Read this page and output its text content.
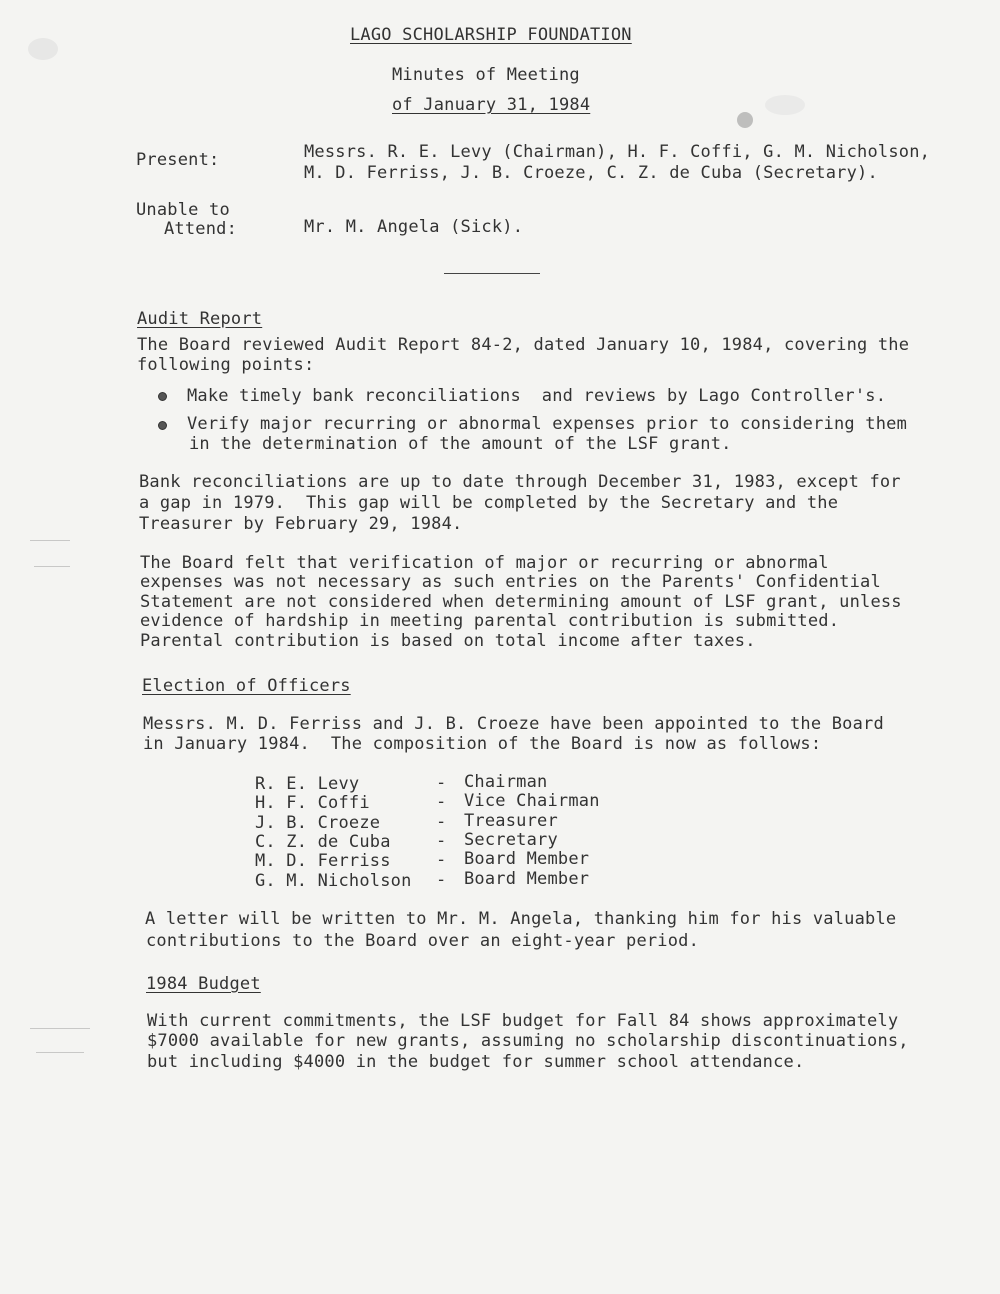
LAGO SCHOLARSHIP FOUNDATION
Minutes of Meeting
of January 31, 1984
Present:	Messrs. R. E. Levy (Chairman), H. F. Coffi, G. M. Nicholson,
M. D. Ferriss, J. B. Croeze, C. Z. de Cuba (Secretary).
Unable to
Attend:	Mr. M. Angela (Sick).
Audit Report
The Board reviewed Audit Report 84-2, dated January 10, 1984, covering the
following points:
Make timely bank reconciliations  and reviews by Lago Controller's.
Verify major recurring or abnormal expenses prior to considering them
in the determination of the amount of the LSF grant.
Bank reconciliations are up to date through December 31, 1983, except for
a gap in 1979.  This gap will be completed by the Secretary and the
Treasurer by February 29, 1984.
The Board felt that verification of major or recurring or abnormal
expenses was not necessary as such entries on the Parents' Confidential
Statement are not considered when determining amount of LSF grant, unless
evidence of hardship in meeting parental contribution is submitted.
Parental contribution is based on total income after taxes.
Election of Officers
Messrs. M. D. Ferriss and J. B. Croeze have been appointed to the Board
in January 1984.  The composition of the Board is now as follows:
R. E. Levy	- Chairman
H. F. Coffi	- Vice Chairman
J. B. Croeze	- Treasurer
C. Z. de Cuba	- Secretary
M. D. Ferriss	- Board Member
G. M. Nicholson - Board Member
A letter will be written to Mr. M. Angela, thanking him for his valuable
contributions to the Board over an eight-year period.
1984 Budget
With current commitments, the LSF budget for Fall 84 shows approximately
$7000 available for new grants, assuming no scholarship discontinuations,
but including $4000 in the budget for summer school attendance.
